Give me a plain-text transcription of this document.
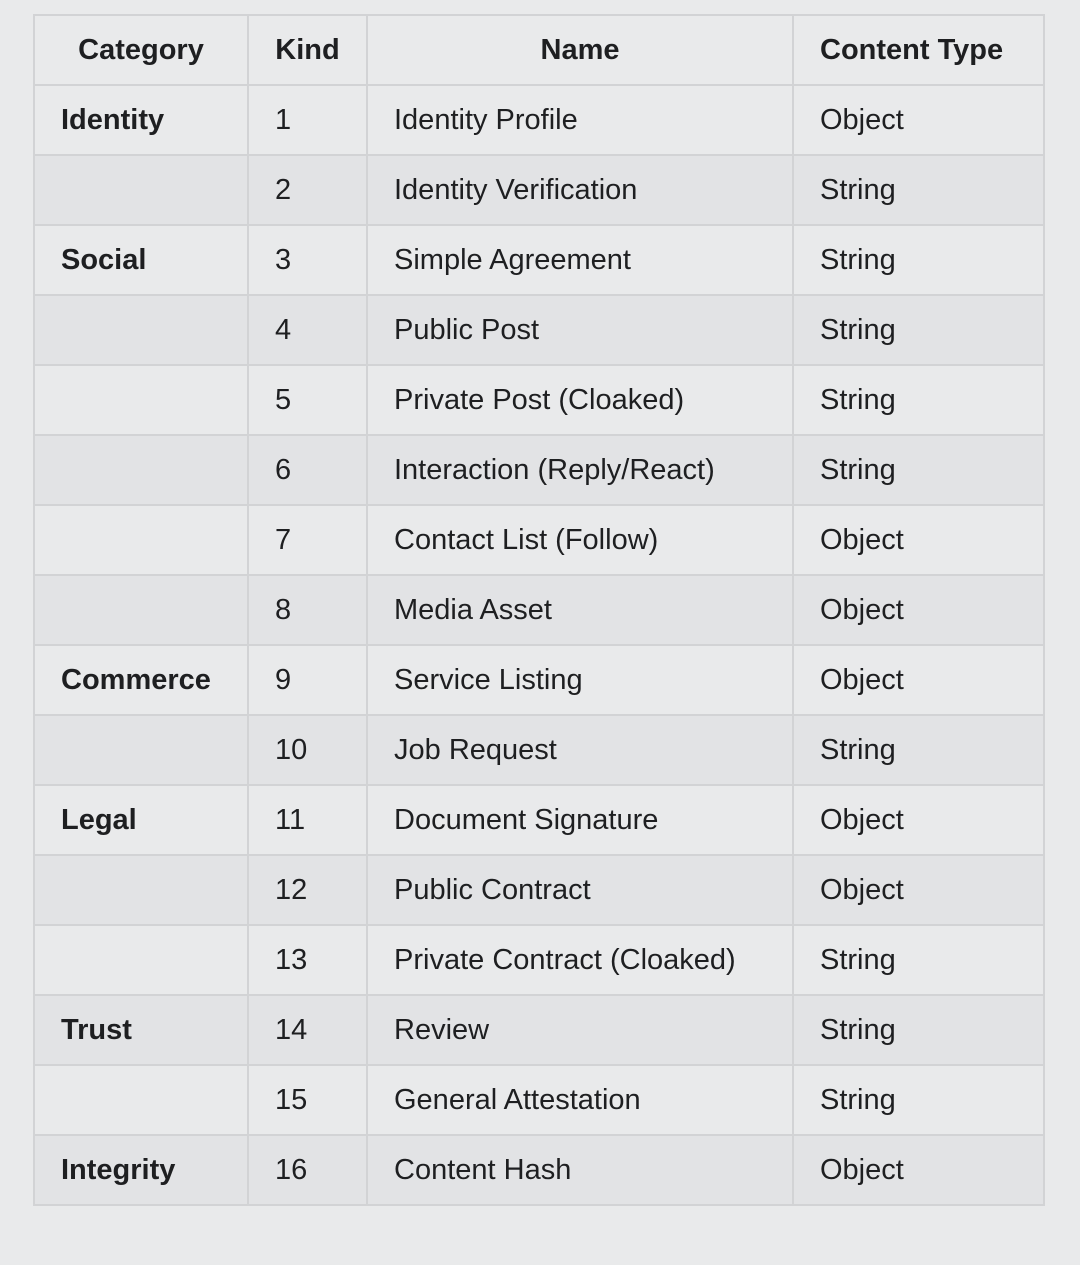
Category	Kind	Name	Content Type
Identity	1	Identity Profile	Object
	2	Identity Verification	String
Social	3	Simple Agreement	String
	4	Public Post	String
	5	Private Post (Cloaked)	String
	6	Interaction (Reply/React)	String
	7	Contact List (Follow)	Object
	8	Media Asset	Object
Commerce	9	Service Listing	Object
	10	Job Request	String
Legal	11	Document Signature	Object
	12	Public Contract	Object
	13	Private Contract (Cloaked)	String
Trust	14	Review	String
	15	General Attestation	String
Integrity	16	Content Hash	Object
